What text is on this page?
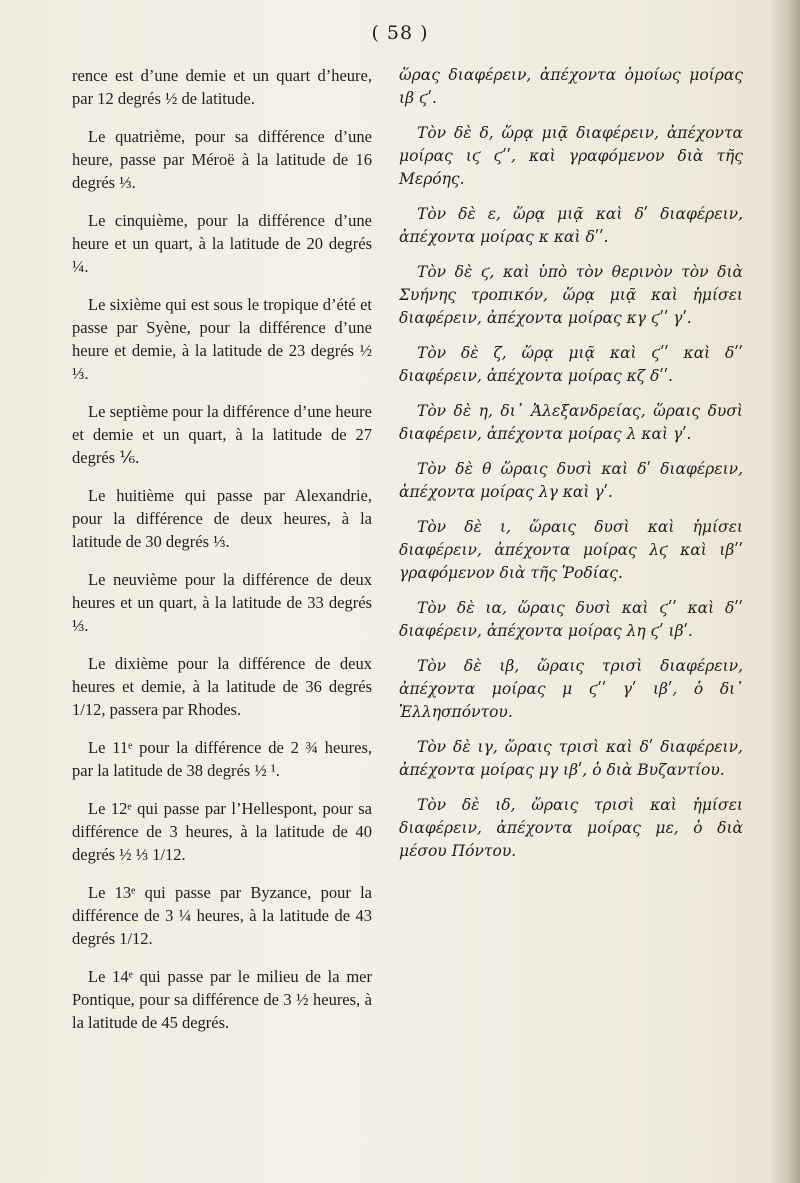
( 58 )

rence est d’une demie et un quart d’heure, par 12 degrés ½ de latitude.

Le quatrième, pour sa différence d’une heure, passe par Méroë à la latitude de 16 degrés ⅓.

Le cinquième, pour la différence d’une heure et un quart, à la latitude de 20 degrés ¼.

Le sixième qui est sous le tropique d’été et passe par Syène, pour la différence d’une heure et demie, à la latitude de 23 degrés ½ ⅓.

Le septième pour la différence d’une heure et demie et un quart, à la latitude de 27 degrés ⅙.

Le huitième qui passe par Alexandrie, pour la différence de deux heures, à la latitude de 30 degrés ⅓.

Le neuvième pour la différence de deux heures et un quart, à la latitude de 33 degrés ⅓.

Le dixième pour la différence de deux heures et demie, à la latitude de 36 degrés 1/12, passera par Rhodes.

Le 11ᵉ pour la différence de 2 ¾ heures, par la latitude de 38 degrés ½ ¹.

Le 12ᵉ qui passe par l’Hellespont, pour sa différence de 3 heures, à la latitude de 40 degrés ½ ⅓ 1/12.

Le 13ᵉ qui passe par Byzance, pour la différence de 3 ¼ heures, à la latitude de 43 degrés 1/12.

Le 14ᵉ qui passe par le milieu de la mer Pontique, pour sa différence de 3 ½ heures, à la latitude de 45 degrés.

ὥρας διαφέρειν, ἀπέχοντα ὁμοίως μοίρας ιβ ϛʹ.

Τὸν δὲ δ, ὥρᾳ μιᾷ διαφέρειν, ἀπέχοντα μοίρας ιϛ ϛʹʹ, καὶ γραφόμενον διὰ τῆς Μερόης.

Τὸν δὲ ε, ὥρᾳ μιᾷ καὶ δʹ διαφέρειν, ἀπέχοντα μοίρας κ καὶ δʹʹ.

Τὸν δὲ ϛ, καὶ ὑπὸ τὸν θερινὸν τὸν διὰ Συήνης τροπικόν, ὥρᾳ μιᾷ καὶ ἡμίσει διαφέρειν, ἀπέχοντα μοίρας κγ ϛʹʹ γʹ.

Τὸν δὲ ζ, ὥρᾳ μιᾷ καὶ ϛʹʹ καὶ δʹʹ διαφέρειν, ἀπέχοντα μοίρας κζ δʹʹ.

Τὸν δὲ η, δι᾽ Ἀλεξανδρείας, ὥραις δυσὶ διαφέρειν, ἀπέχοντα μοίρας λ καὶ γʹ.

Τὸν δὲ θ ὥραις δυσὶ καὶ δʹ διαφέρειν, ἀπέχοντα μοίρας λγ καὶ γʹ.

Τὸν δὲ ι, ὥραις δυσὶ καὶ ἡμίσει διαφέρειν, ἀπέχοντα μοίρας λϛ καὶ ιβʹʹ γραφόμενον διὰ τῆς Ῥοδίας.

Τὸν δὲ ια, ὥραις δυσὶ καὶ ϛʹʹ καὶ δʹʹ διαφέρειν, ἀπέχοντα μοίρας λη ϛʹ ιβʹ.

Τὸν δὲ ιβ, ὥραις τρισὶ διαφέρειν, ἀπέχοντα μοίρας μ ϛʹʹ γʹ ιβʹ, ὁ δι᾽ Ἑλλησπόντου.

Τὸν δὲ ιγ, ὥραις τρισὶ καὶ δʹ διαφέρειν, ἀπέχοντα μοίρας μγ ιβʹ, ὁ διὰ Βυζαντίου.

Τὸν δὲ ιδ, ὥραις τρισὶ καὶ ἡμίσει διαφέρειν, ἀπέχοντα μοίρας με, ὁ διὰ μέσου Πόντου.
